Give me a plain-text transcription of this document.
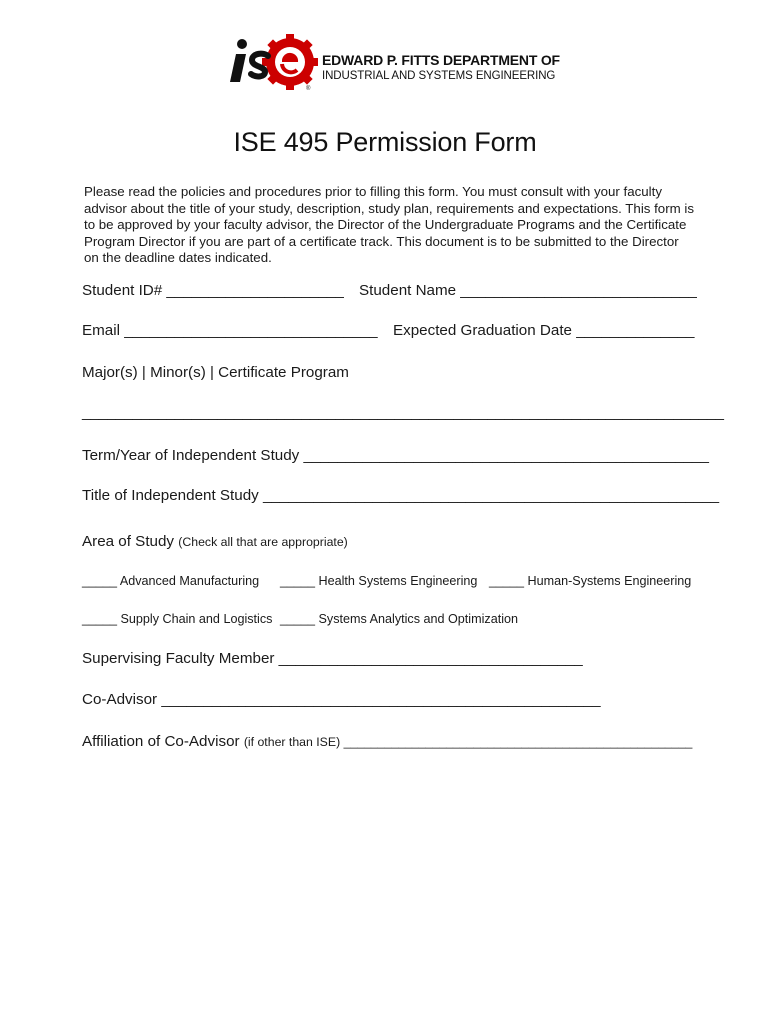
®
EDWARD P. FITTS DEPARTMENT OF
INDUSTRIAL AND SYSTEMS ENGINEERING
ISE 495 Permission Form
Please read the policies and procedures prior to filling this form. You must consult with your faculty advisor about the title of your study, description, study plan, requirements and expectations. This form is to be approved by your faculty advisor, the Director of the Undergraduate Programs and the Certificate Program Director if you are part of a certificate track. This document is to be submitted to the Director on the deadline dates indicated.
Student ID# _____________________ Student Name ____________________________
Email ______________________________ Expected Graduation Date ______________
Major(s) | Minor(s) | Certificate Program
____________________________________________________________________________
Term/Year of Independent Study ________________________________________________
Title of Independent Study ______________________________________________________
Area of Study (Check all that are appropriate)
_____ Advanced Manufacturing _____ Health Systems Engineering _____ Human-Systems Engineering
_____ Supply Chain and Logistics _____ Systems Analytics and Optimization
Supervising Faculty Member ____________________________________
Co-Advisor ____________________________________________________
Affiliation of Co-Advisor (if other than ISE) ___________________________________________________
